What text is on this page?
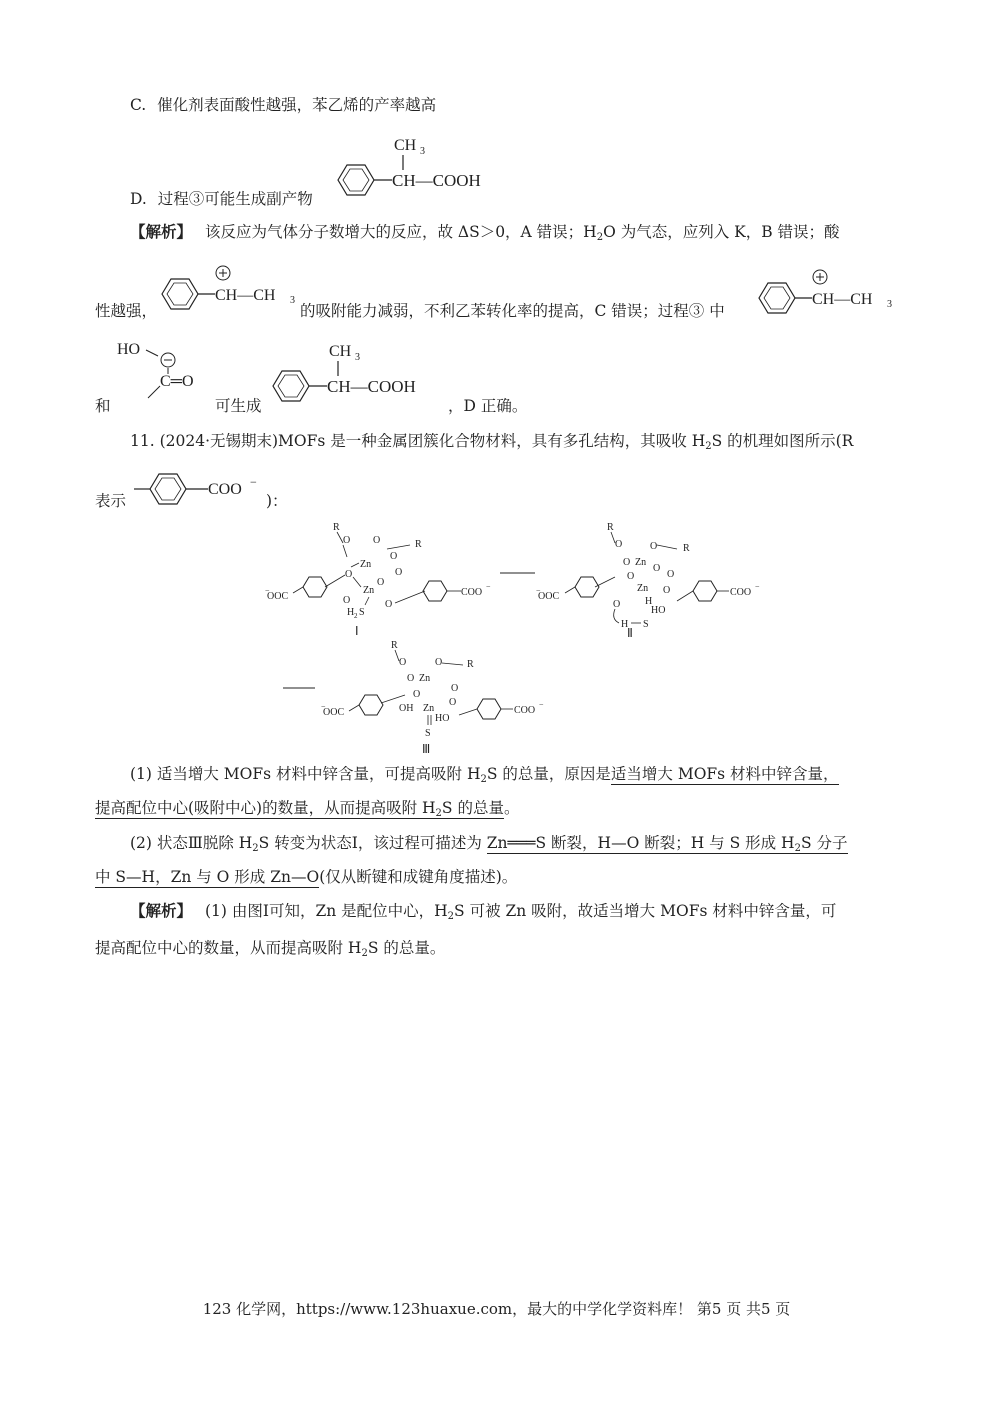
C. 催化剂表面酸性越强，苯乙烯的产率越高
D. 过程③可能生成副产物
CH 3
CH—COOH
【解析】 该反应为气体分子数增大的反应，故 ΔS＞0，A 错误；$H_2O$ 为气态，应列入 K，B 错误；酸
性越强，
CH—CH 3
的吸附能力减弱，不利乙苯转化率的提高，C 错误；过程③ 中
CH—CH 3
和
HO
C═O
可生成
CH 3
CH—COOH
，D 正确。
11. (2024·无锡期末)MOFs 是一种金属团簇化合物材料，具有多孔结构，其吸收 $H_2S$ 的机理如图所示(R
表示
COO −
)：
R
O
Zn
O
O
R
O
Zn
O
O
O	O
OOC
−	COO
−
H 2 S
Ⅰ
R
O
O Zn
O	R
O
O
Zn
O
O
H
HO
O
H S
OOC
−	COO
−
Ⅱ
R
O
O Zn
O R
O
O
O
Zn
OH
HO
S
OOC
−	COO
−
Ⅲ
(1) 适当增大 MOFs 材料中锌含量，可提高吸附 $H_2S$ 的总量，原因是适当增大 MOFs 材料中锌含量，
提高配位中心(吸附中心)的数量，从而提高吸附 $H_2S$ 的总量。
(2) 状态Ⅲ脱除 $H_2S$ 转变为状态Ⅰ，该过程可描述为 Zn═══S 断裂，H—O 断裂；H 与 S 形成 $H_2S$ 分子
中 S—H，Zn 与 O 形成 Zn—O(仅从断键和成键角度描述)。
【解析】 (1) 由图Ⅰ可知，Zn 是配位中心，$H_2S$ 可被 Zn 吸附，故适当增大 MOFs 材料中锌含量，可
提高配位中心的数量，从而提高吸附 $H_2S$ 的总量。
123 化学网，https://www.123huaxue.com，最大的中学化学资料库！ 第5 页 共5 页
